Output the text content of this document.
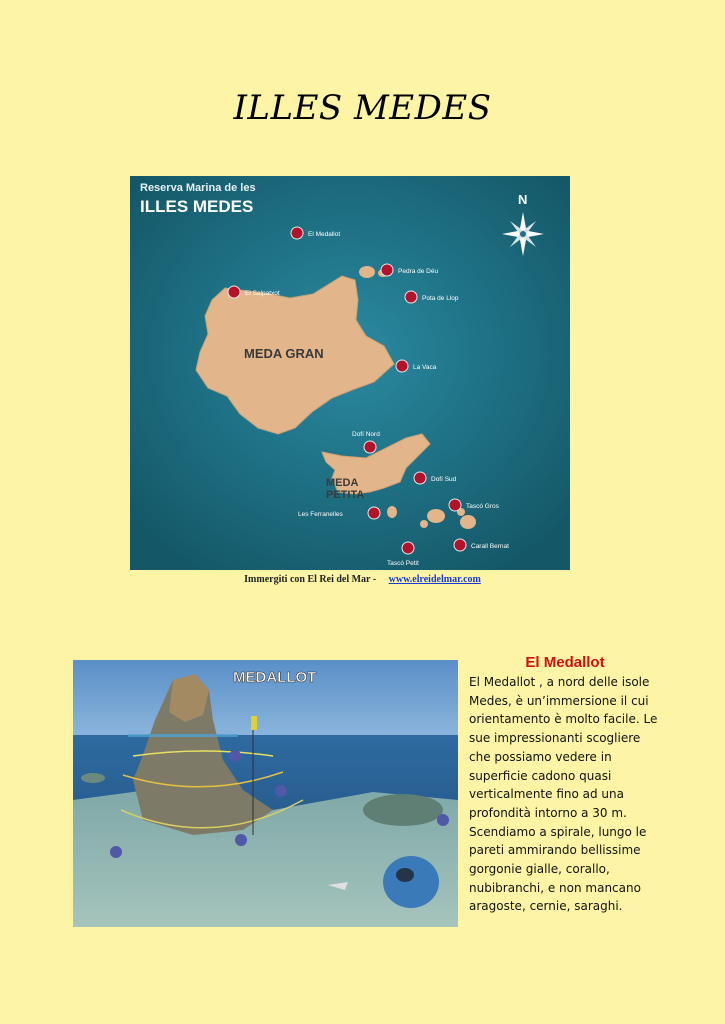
ILLES MEDES
Reserva Marina de les
ILLES MEDES	N
MEDA GRAN
MEDA
PETITA
El Medallot
Pedra de Déu
El Salpatxot
Pota de Llop
La Vaca
Dofí Nord
Dofí Sud
Tascó Gros
Les Ferranelles
Carall Bernat
Tascó Petit
Immergiti con El Rei del Mar - www.elreidelmar.com
MEDALLOT
El Medallot
El Medallot , a nord delle isole Medes, è un’immersione il cui orientamento è molto facile. Le sue impressionanti scogliere che possiamo vedere in superficie cadono quasi verticalmente fino ad una profondità intorno a 30 m. Scendiamo a spirale, lungo le pareti ammirando bellissime gorgonie gialle, corallo, nubibranchi, e non mancano aragoste, cernie, saraghi.
